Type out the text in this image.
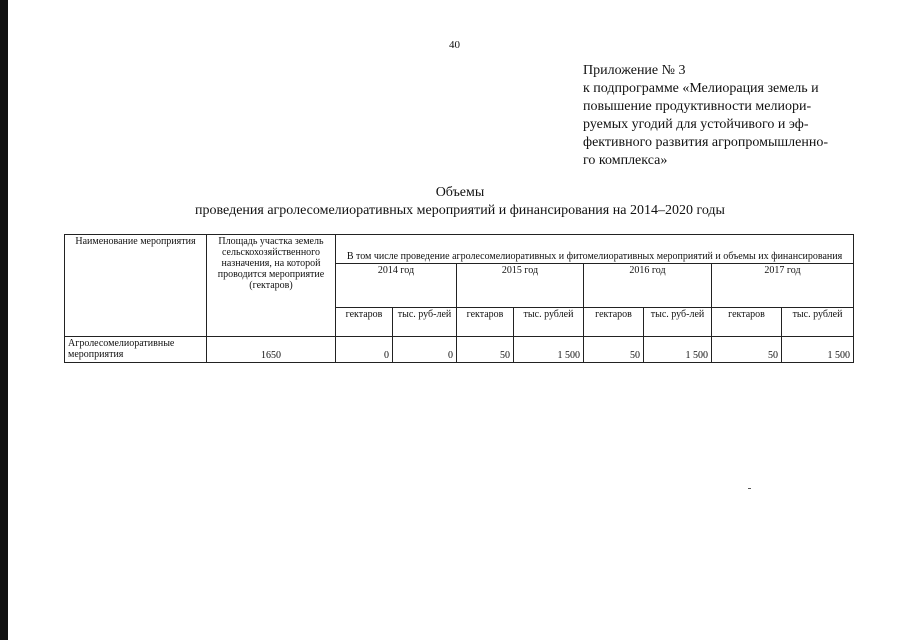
40
Приложение № 3
к подпрограмме «Мелиорация земель и
повышение продуктивности мелиори-
руемых угодий для устойчивого и эф-
фективного развития агропромышленно-
го комплекса»
Объемы
проведения агролесомелиоративных мероприятий и финансирования на 2014–2020 годы
Наименование мероприятия	Площадь участка земель сельскохозяйственного назначения, на которой проводится мероприятие (гектаров)	В том числе проведение агролесомелиоративных и фитомелиоративных мероприятий и объемы их финансирования							
		2014 год		2015 год		2016 год		2017 год	
		гектаров	тыс. руб-лей	гектаров	тыс. рублей	гектаров	тыс. руб-лей	гектаров	тыс. рублей
Агролесомелиоративные мероприятия	1650	0	0	50	1 500	50	1 500	50	1 500
